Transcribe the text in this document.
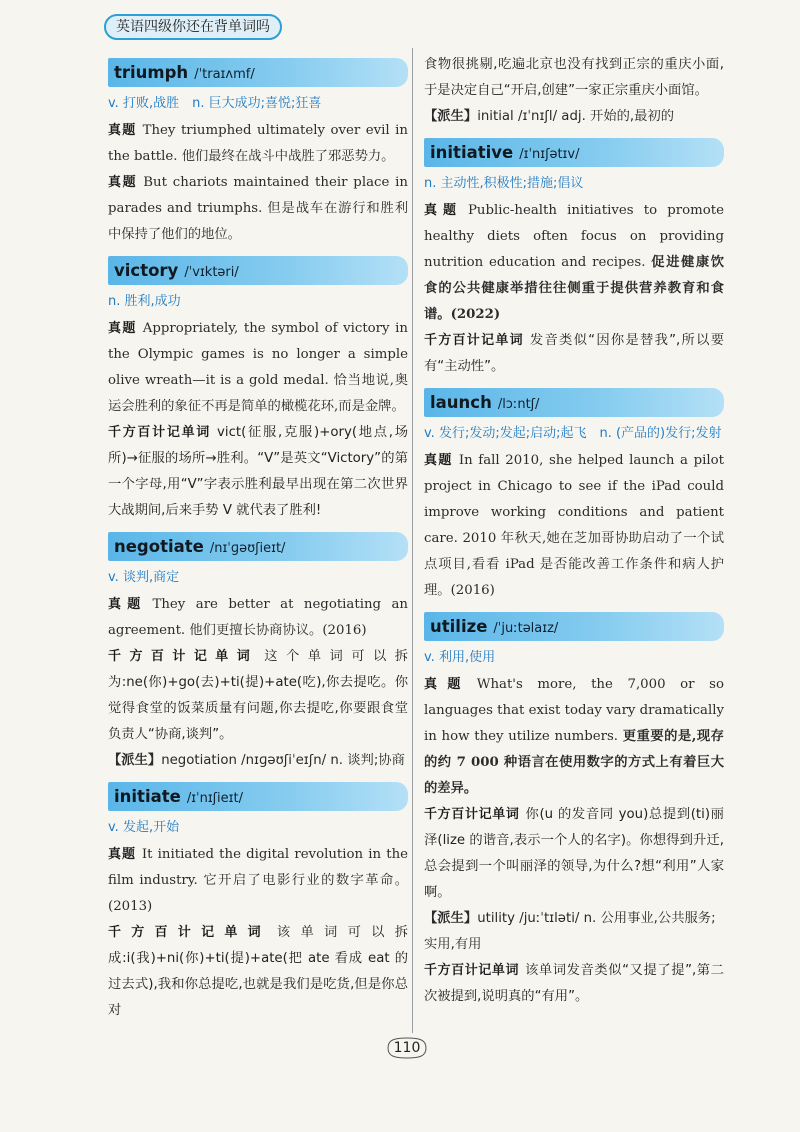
英语四级你还在背单词吗
triumph /ˈtraɪʌmf/
v. 打败,战胜　n. 巨大成功;喜悦;狂喜
真题 They triumphed ultimately over evil in the battle. 他们最终在战斗中战胜了邪恶势力。
真题 But chariots maintained their place in parades and triumphs. 但是战车在游行和胜利中保持了他们的地位。
victory /ˈvɪktəri/
n. 胜利,成功
真题 Appropriately, the symbol of victory in the Olympic games is no longer a simple olive wreath—it is a gold medal. 恰当地说,奥运会胜利的象征不再是简单的橄榄花环,而是金牌。
千方百计记单词 vict(征服,克服)+ory(地点,场所)→征服的场所→胜利。“V”是英文“Victory”的第一个字母,用“V”字表示胜利最早出现在第二次世界大战期间,后来手势 V 就代表了胜利!
negotiate /nɪˈɡəʊʃieɪt/
v. 谈判,商定
真题 They are better at negotiating an agreement. 他们更擅长协商协议。(2016)
千方百计记单词 这个单词可以拆为:ne(你)+go(去)+ti(提)+ate(吃),你去提吃。你觉得食堂的饭菜质量有问题,你去提吃,你要跟食堂负责人“协商,谈判”。
【派生】negotiation /nɪɡəʊʃiˈeɪʃn/ n. 谈判;协商
initiate /ɪˈnɪʃieɪt/
v. 发起,开始
真题 It initiated the digital revolution in the film industry. 它开启了电影行业的数字革命。(2013)
千方百计记单词 该单词可以拆成:i(我)+ni(你)+ti(提)+ate(把 ate 看成 eat 的过去式),我和你总提吃,也就是我们是吃货,但是你总对
食物很挑剔,吃遍北京也没有找到正宗的重庆小面,于是决定自己“开启,创建”一家正宗重庆小面馆。
【派生】initial /ɪˈnɪʃl/ adj. 开始的,最初的
initiative /ɪˈnɪʃətɪv/
n. 主动性,积极性;措施;倡议
真题 Public-health initiatives to promote healthy diets often focus on providing nutrition education and recipes. 促进健康饮食的公共健康举措往往侧重于提供营养教育和食谱。(2022)
千方百计记单词 发音类似“因你是替我”,所以要有“主动性”。
launch /lɔːntʃ/
v. 发行;发动;发起;启动;起飞　n. (产品的)发行;发射
真题 In fall 2010, she helped launch a pilot project in Chicago to see if the iPad could improve working conditions and patient care. 2010 年秋天,她在芝加哥协助启动了一个试点项目,看看 iPad 是否能改善工作条件和病人护理。(2016)
utilize /ˈjuːtəlaɪz/
v. 利用,使用
真题 What's more, the 7,000 or so languages that exist today vary dramatically in how they utilize numbers. 更重要的是,现存的约 7 000 种语言在使用数字的方式上有着巨大的差异。
千方百计记单词 你(u 的发音同 you)总提到(ti)丽泽(lize 的谐音,表示一个人的名字)。你想得到升迁,总会提到一个叫丽泽的领导,为什么?想“利用”人家啊。
【派生】utility /juːˈtɪləti/ n. 公用事业,公共服务;实用,有用
千方百计记单词 该单词发音类似“又提了提”,第二次被提到,说明真的“有用”。
110
